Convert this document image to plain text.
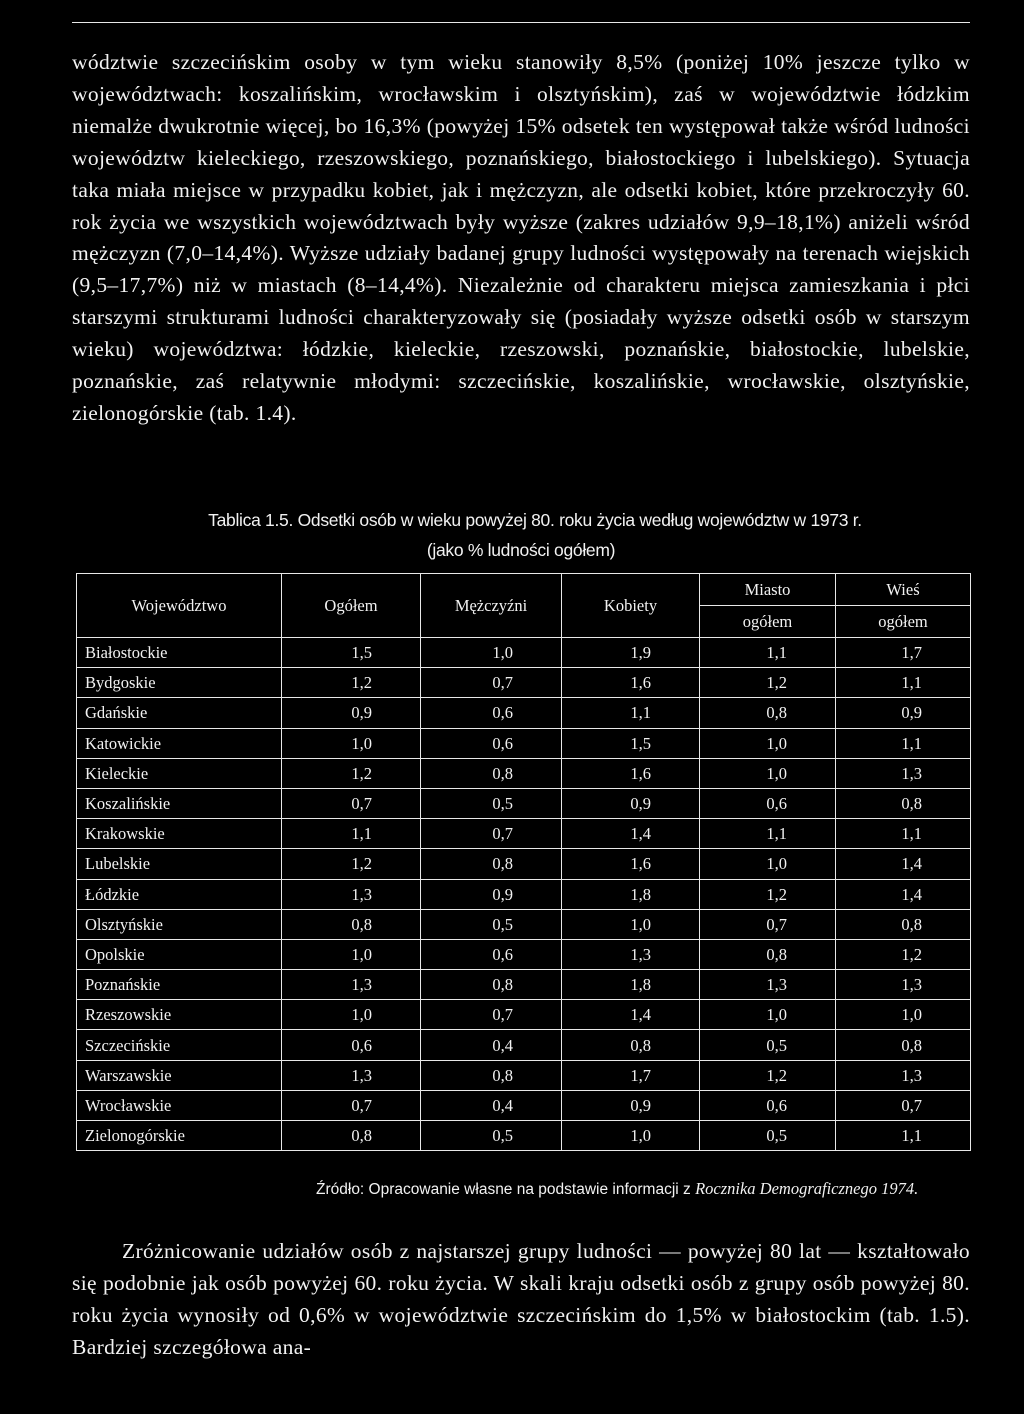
wództwie szczecińskim osoby w tym wieku stanowiły 8,5% (poniżej 10% jeszcze tylko w województwach: koszalińskim, wrocławskim i olsztyńskim), zaś w województwie łódzkim niemalże dwukrotnie więcej, bo 16,3% (powyżej 15% odsetek ten występował także wśród ludności województw kieleckiego, rzeszowskiego, poznańskiego, białostockiego i lubelskiego). Sytuacja taka miała miejsce w przypadku kobiet, jak i mężczyzn, ale odsetki kobiet, które przekroczyły 60. rok życia we wszystkich województwach były wyższe (zakres udziałów 9,9–18,1%) aniżeli wśród mężczyzn (7,0–14,4%). Wyższe udziały badanej grupy ludności występowały na terenach wiejskich (9,5–17,7%) niż w miastach (8–14,4%). Niezależnie od charakteru miejsca zamieszkania i płci starszymi strukturami ludności charakteryzowały się (posiadały wyższe odsetki osób w starszym wieku) województwa: łódzkie, kieleckie, rzeszowski, poznańskie, białostockie, lubelskie, poznańskie, zaś relatywnie młodymi: szczecińskie, koszalińskie, wrocławskie, olsztyńskie, zielonogórskie (tab. 1.4).

Tablica 1.5. Odsetki osób w wieku powyżej 80. roku życia według województw w 1973 r.
(jako % ludności ogółem)
Województwo	Ogółem	Mężczyźni	Kobiety	Miasto	Wieś
				ogółem	ogółem
Białostockie	1,5	1,0	1,9	1,1	1,7
Bydgoskie	1,2	0,7	1,6	1,2	1,1
Gdańskie	0,9	0,6	1,1	0,8	0,9
Katowickie	1,0	0,6	1,5	1,0	1,1
Kieleckie	1,2	0,8	1,6	1,0	1,3
Koszalińskie	0,7	0,5	0,9	0,6	0,8
Krakowskie	1,1	0,7	1,4	1,1	1,1
Lubelskie	1,2	0,8	1,6	1,0	1,4
Łódzkie	1,3	0,9	1,8	1,2	1,4
Olsztyńskie	0,8	0,5	1,0	0,7	0,8
Opolskie	1,0	0,6	1,3	0,8	1,2
Poznańskie	1,3	0,8	1,8	1,3	1,3
Rzeszowskie	1,0	0,7	1,4	1,0	1,0
Szczecińskie	0,6	0,4	0,8	0,5	0,8
Warszawskie	1,3	0,8	1,7	1,2	1,3
Wrocławskie	0,7	0,4	0,9	0,6	0,7
Zielonogórskie	0,8	0,5	1,0	0,5	1,1
Źródło: Opracowanie własne na podstawie informacji z Rocznika Demograficznego 1974.

Zróżnicowanie udziałów osób z najstarszej grupy ludności — powyżej 80 lat — kształtowało się podobnie jak osób powyżej 60. roku życia. W skali kraju odsetki osób z grupy osób powyżej 80. roku życia wynosiły od 0,6% w województwie szczecińskim do 1,5% w białostockim (tab. 1.5). Bardziej szczegółowa ana-
